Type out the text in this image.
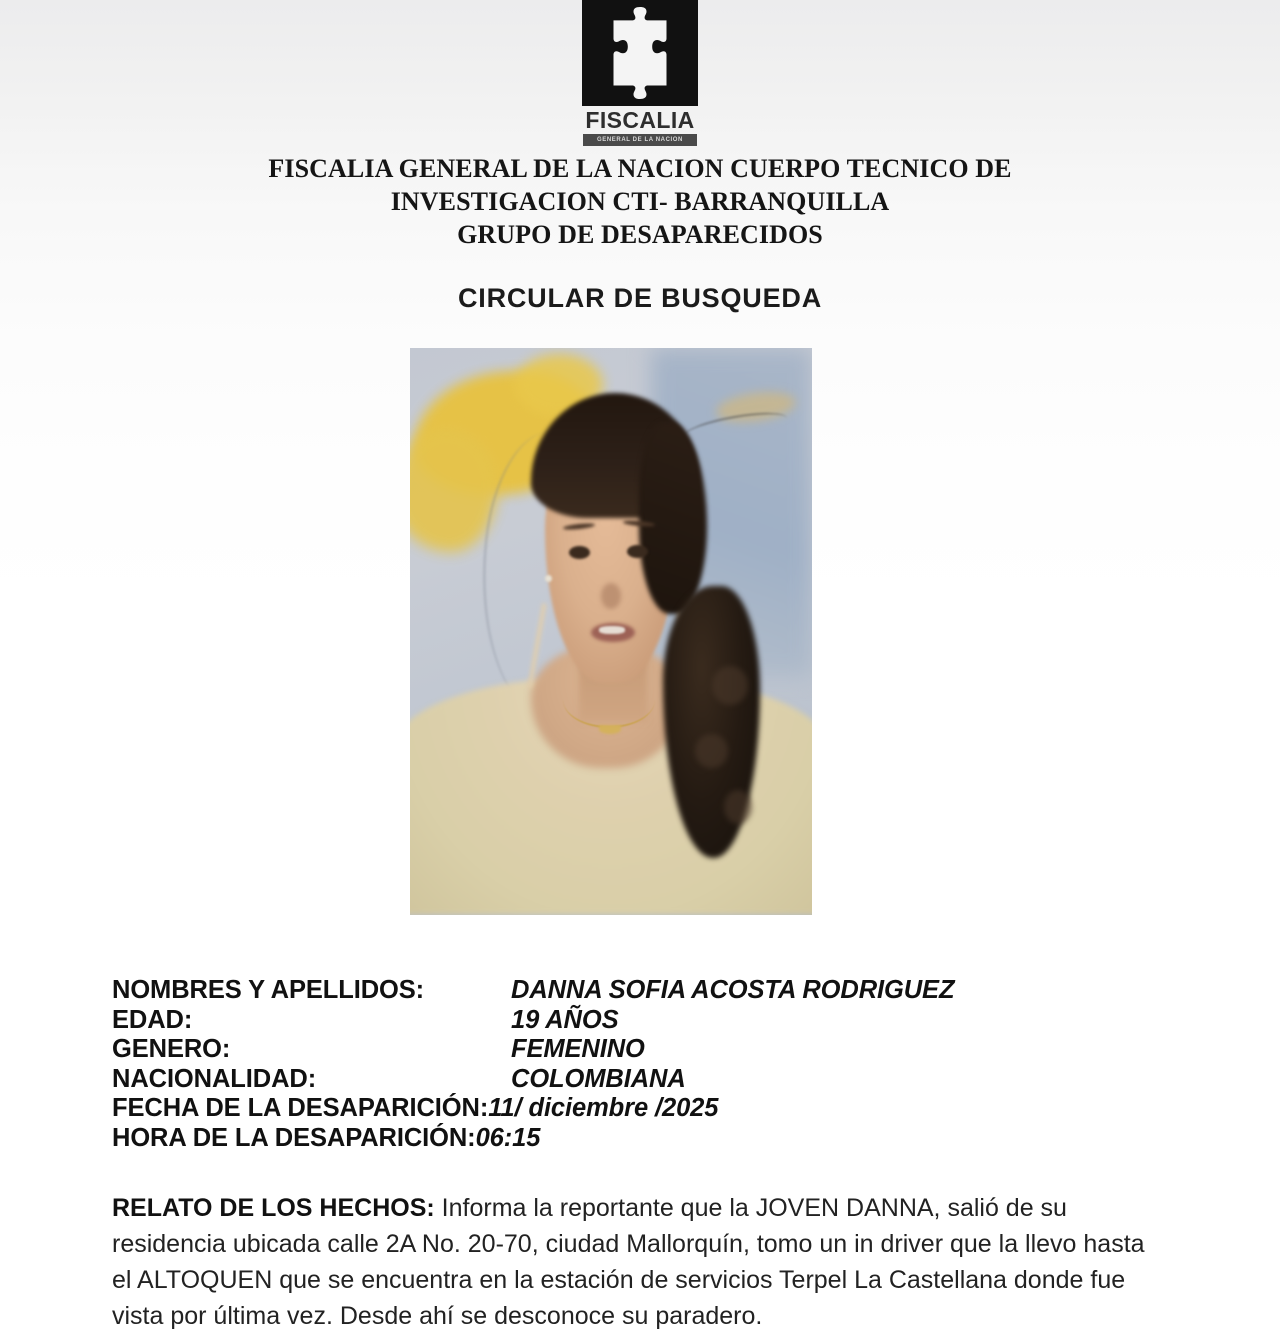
FISCALIA
GENERAL DE LA NACION
FISCALIA GENERAL DE LA NACION CUERPO TECNICO DE
INVESTIGACION CTI- BARRANQUILLA
GRUPO DE DESAPARECIDOS
CIRCULAR DE BUSQUEDA
NOMBRES Y APELLIDOS:	DANNA SOFIA ACOSTA RODRIGUEZ
EDAD:	19 AÑOS
GENERO:	FEMENINO
NACIONALIDAD:	COLOMBIANA
FECHA DE LA DESAPARICIÓN: 11/ diciembre /2025
HORA DE LA DESAPARICIÓN: 06:15
RELATO DE LOS HECHOS: Informa la reportante que la JOVEN DANNA, salió de su residencia ubicada calle 2A No. 20-70, ciudad Mallorquín, tomo un in driver que la llevo hasta el ALTOQUEN que se encuentra en la estación de servicios Terpel La Castellana donde fue vista por última vez. Desde ahí se desconoce su paradero.
